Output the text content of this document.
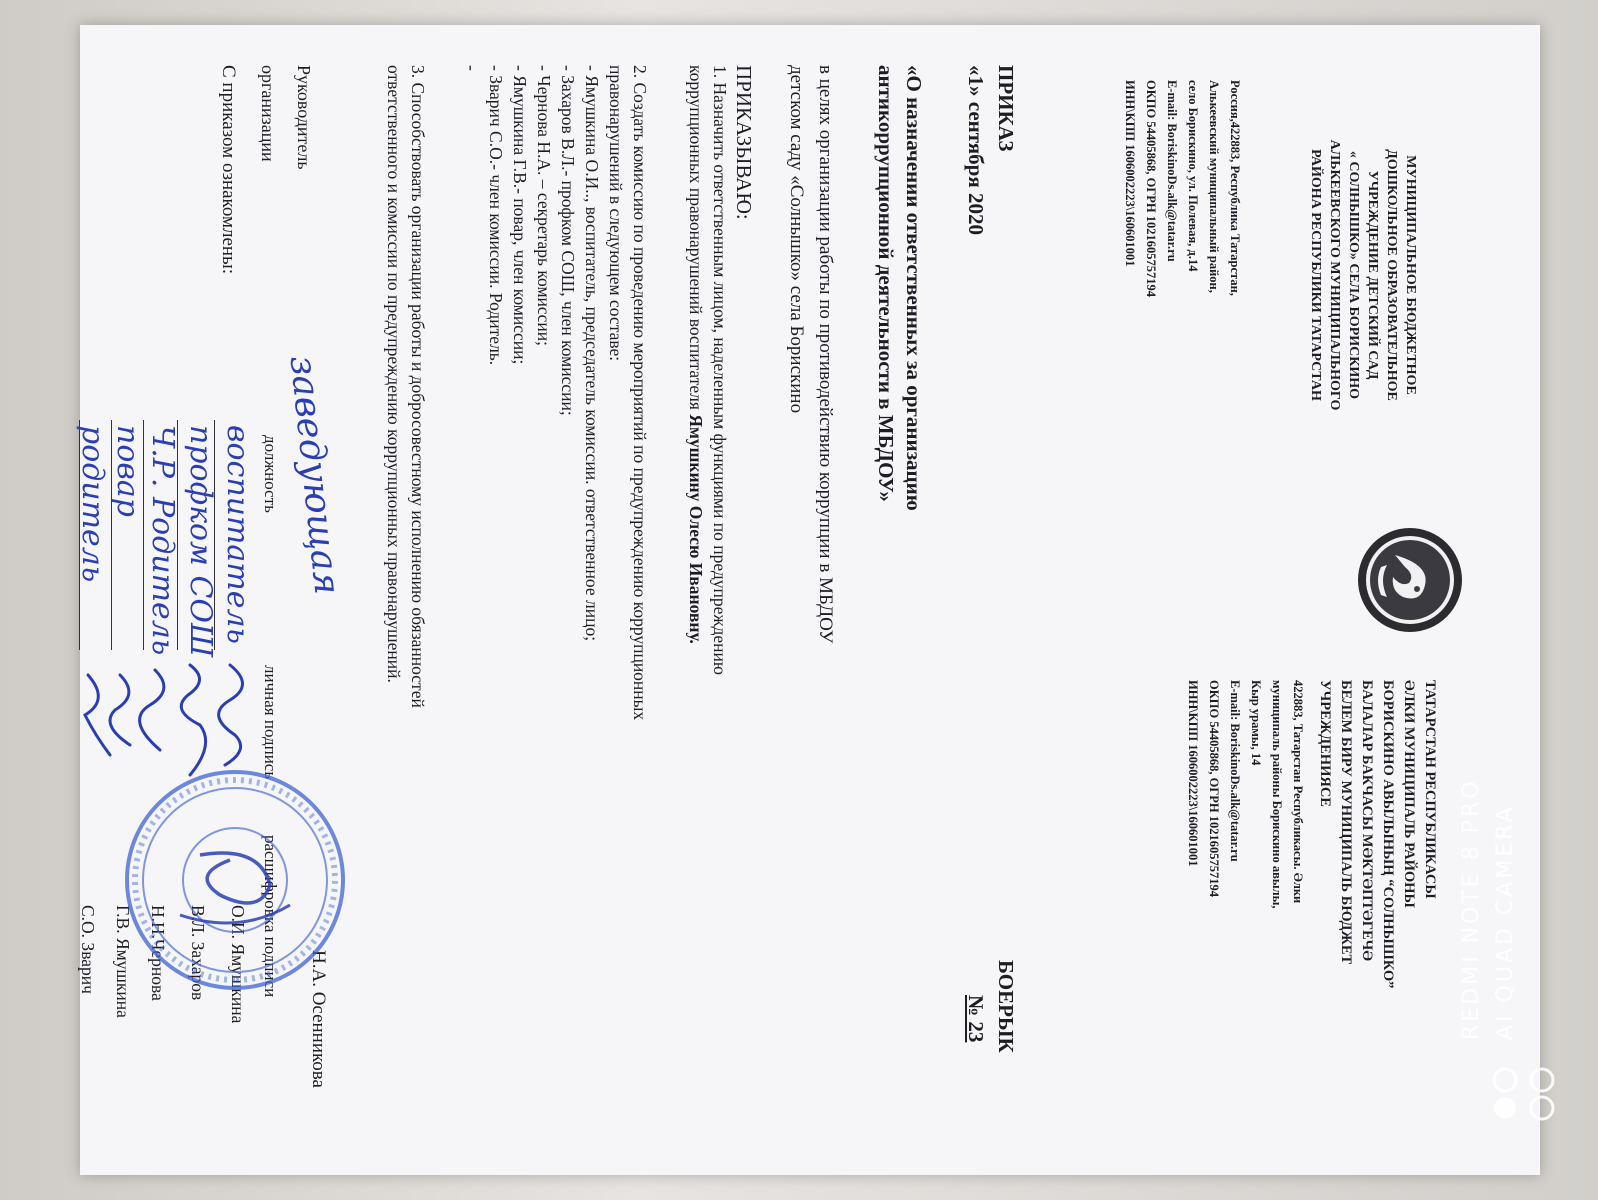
МУНИЦИПАЛЬНОЕ БЮДЖЕТНОЕ
ДОШКОЛЬНОЕ ОБРАЗОВАТЕЛЬНОЕ
УЧРЕЖДЕНИЕ ДЕТСКИЙ САД
« СОЛНЫШКО» СЕЛА БОРИСКИНО
АЛЬКЕЕВСКОГО МУНИЦИПАЛЬНОГО
РАЙОНА РЕСПУБЛИКИ ТАТАРСТАН
Россия,422883, Республика Татарстан,
Алькеевский муниципальный район,
село Борискино, ул. Полевая, д.14
E-mail: BoriskinoDs.alk@tatar.ru
ОКПО 54405868, ОГРН 1021605757194
ИНН\КПП 1606002223\160601001
ТАТАРСТАН РЕСПУБЛИКАСЫ
ӘЛКИ МУНИЦИПАЛЬ РАЙОНЫ
БОРИСКИНО АВЫЛЫНЫҢ “СОЛНЫШКО”
БАЛАЛАР БАКЧАСЫ МӘКТӘПТӘГЕЧӘ
БЕЛЕМ БИРУ МУНИЦИПАЛЬ БЮДЖЕТ
УЧРЕЖДЕНИЯСЕ
422883, Татарстан Республикасы. Әлки
муниципаль районы Борискино авылы,
Кыр урамы, 14
E-mail: BoriskinoDs.alk@tatar.ru
ОКПО 54405868, ОГРН 1021605757194
ИНН\КПП 1606002223\160601001
ПРИКАЗ
«1» сентября 2020
БОЕРЫК
№ 23
«О назначении ответственных за организацию
антикоррупционной деятельности в МБДОУ»
в целях организации работы по противодействию коррупции в МБДОУ
детском саду «Солнышко» села Борискино
ПРИКАЗЫВАЮ:
1. Назначить ответственным лицом, наделенным функциями по предупреждению
коррупционных правонарушений воспитателя Ямушкину Олесю Ивановну.
2. Создать комиссию по проведению мероприятий по предупреждению коррупционных
правонарушений в следующем составе:
- Ямушкина О.И.., воспитатель, председатель комиссии. ответственное лицо;
- Захаров В.Л.- профком СОШ, член комиссии;
- Чернова Н.А. – секретарь комиссии;
- Ямушкина Г.В.- повар, член комиссии;
- Зварич С.О.- член комиссии. Родитель.
-
3. Способствовать организации работы и добросовестному исполнению обязанностей
ответственного и комиссии по предупреждению коррупционных правонарушений.
Руководитель
организации
Н.А. Осенникова
С приказом ознакомлены:
должность
личная подпись
расшифровка подписи
заведующая
воспитатель
О.И. Ямушкина
профком СОШ
В.Л. Захаров
Ч.Р. Родитель
Н.Н.Чернова
повар
Г.В. Ямушкина
родитель
С.О. Зварич	REDMI NOTE 8 PRO AI QUAD CAMERA
